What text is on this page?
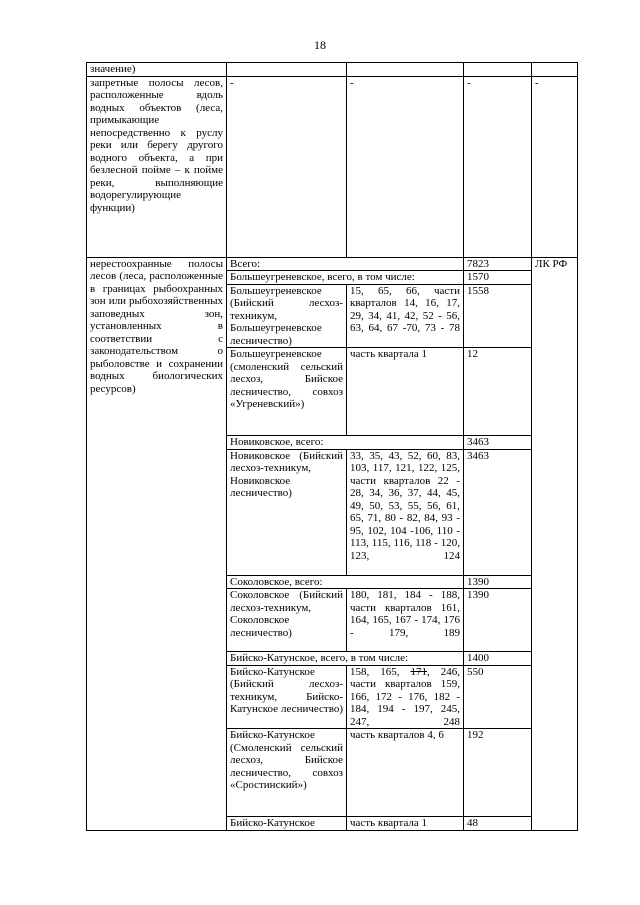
18
значение)				
запретные полосы лесов, расположенные вдоль водных объектов (леса, примыкающие непосредственно к руслу реки или берегу другого водного объекта, а при безлесной пойме – к пойме реки, выполняющие водорегулирующие функции)	-	-	-	-
нерестоохранные полосы лесов (леса, расположенные в границах рыбоохранных зон или рыбохозяйственных заповедных зон, установленных в соответствии с законодательством о рыболовстве и сохранении водных биологических ресурсов)	Всего:		7823	ЛК РФ
	Большеугреневское, всего, в том числе:		1570	
	Большеугреневское (Бийский лесхоз-техникум, Большеугреневское лесничество)	15, 65, 66, части кварталов 14, 16, 17, 29, 34, 41, 42, 52 - 56, 63, 64, 67 -70, 73 - 78	1558	
	Большеугреневское (смоленский сельский лесхоз, Бийское лесничество, совхоз «Угреневский»)	часть квартала 1	12	
	Новиковское, всего:		3463	
	Новиковское (Бийский лесхоз-техникум, Новиковское лесничество)	33, 35, 43, 52, 60, 83, 103, 117, 121, 122, 125, части кварталов 22 - 28, 34, 36, 37, 44, 45, 49, 50, 53, 55, 56, 61, 65, 71, 80 - 82, 84, 93 - 95, 102, 104 -106, 110 - 113, 115, 116, 118 - 120, 123, 124	3463	
	Соколовское, всего:		1390	
	Соколовское (Бийский лесхоз-техникум, Соколовское лесничество)	180, 181, 184 - 188, части кварталов 161, 164, 165, 167 - 174, 176 - 179, 189	1390	
	Бийско-Катунское, всего, в том числе:		1400	
	Бийско-Катунское (Бийский лесхоз-техникум, Бийско-Катунское лесничество)	158, 165, 171, 246, части кварталов 159, 166, 172 - 176, 182 - 184, 194 - 197, 245, 247, 248	550	
	Бийско-Катунское (Смоленский сельский лесхоз, Бийское лесничество, совхоз «Сростинский»)	часть кварталов 4, 6	192	
	Бийско-Катунское	часть квартала 1	48	
